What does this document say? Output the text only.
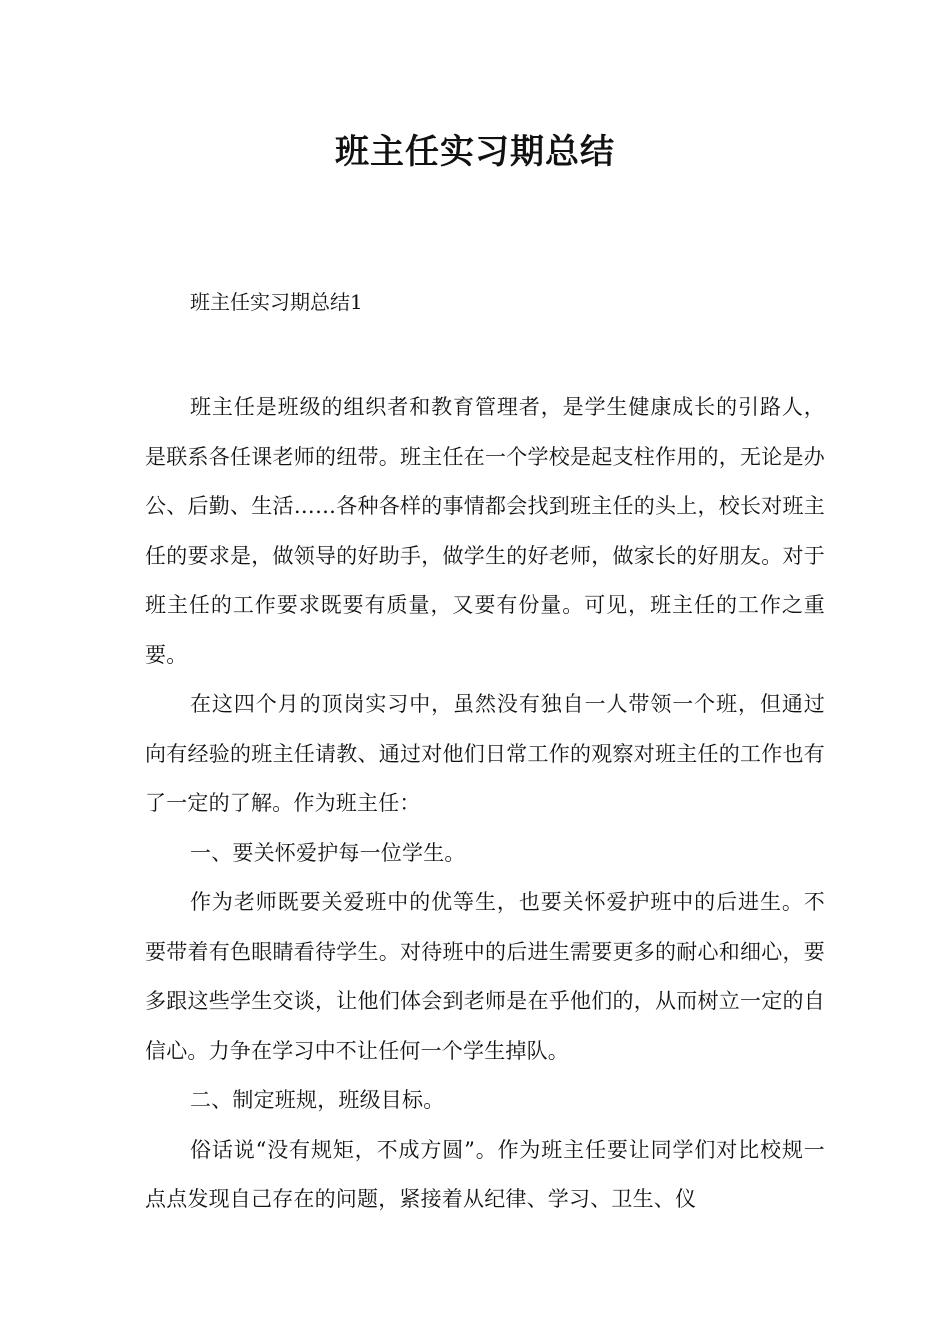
班主任实习期总结

班主任实习期总结1

班主任是班级的组织者和教育管理者，是学生健康成长的引路人，是联系各任课老师的纽带。班主任在一个学校是起支柱作用的，无论是办公、后勤、生活……各种各样的事情都会找到班主任的头上，校长对班主任的要求是，做领导的好助手，做学生的好老师，做家长的好朋友。对于班主任的工作要求既要有质量，又要有份量。可见，班主任的工作之重要。

在这四个月的顶岗实习中，虽然没有独自一人带领一个班，但通过向有经验的班主任请教、通过对他们日常工作的观察对班主任的工作也有了一定的了解。作为班主任：

一、要关怀爱护每一位学生。

作为老师既要关爱班中的优等生，也要关怀爱护班中的后进生。不要带着有色眼睛看待学生。对待班中的后进生需要更多的耐心和细心，要多跟这些学生交谈，让他们体会到老师是在乎他们的，从而树立一定的自信心。力争在学习中不让任何一个学生掉队。

二、制定班规，班级目标。

俗话说“没有规矩，不成方圆”。作为班主任要让同学们对比校规一点点发现自己存在的问题，紧接着从纪律、学习、卫生、仪
